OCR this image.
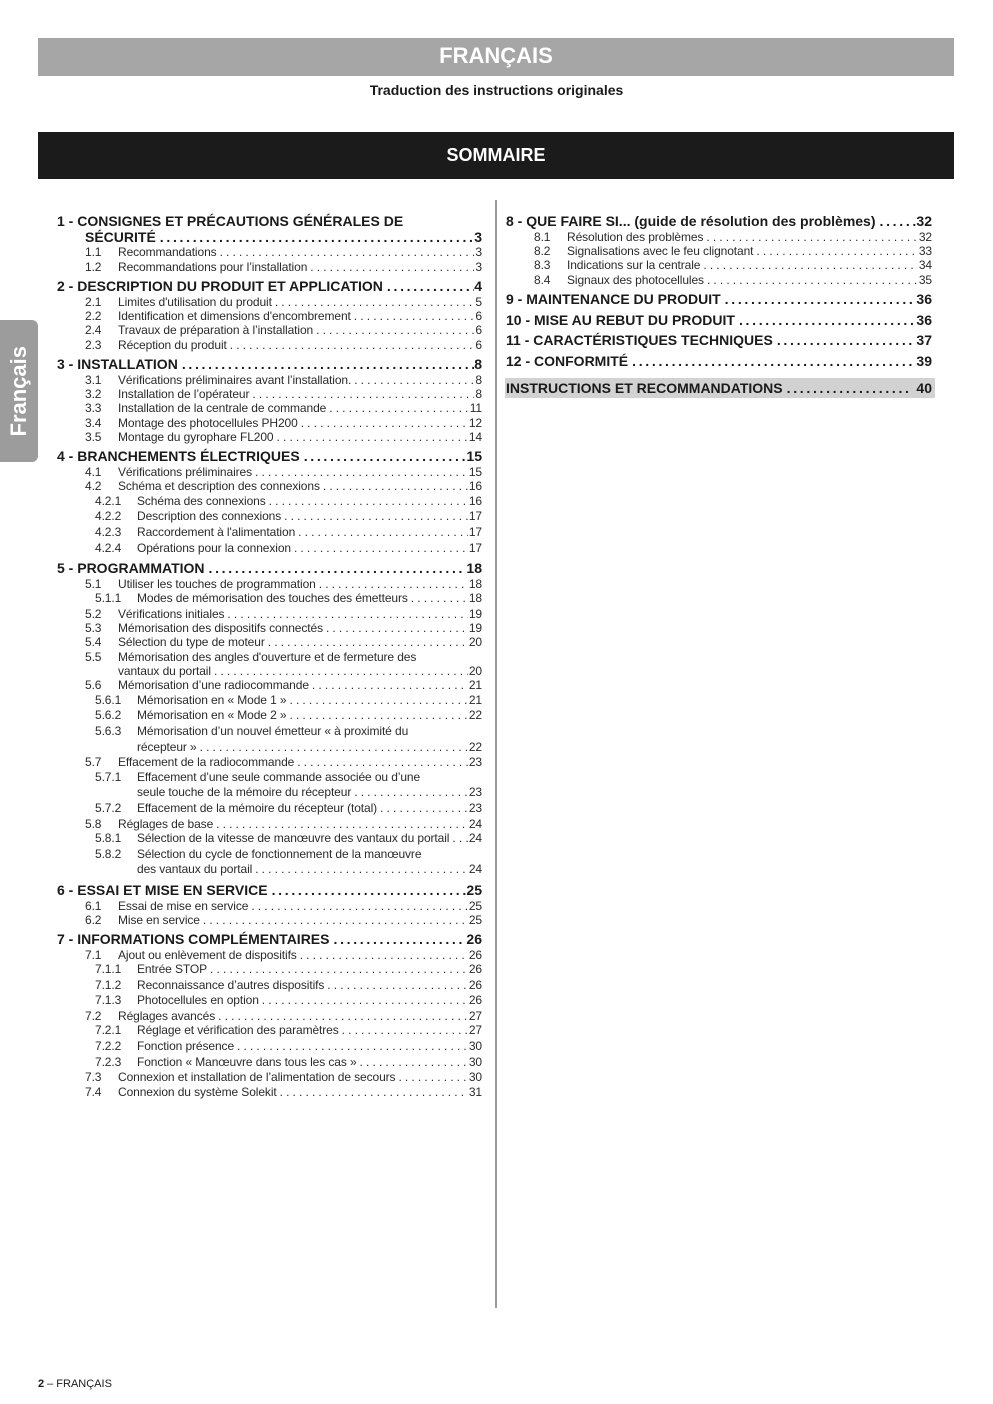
FRANÇAIS
Traduction des instructions originales
SOMMAIRE
Français
1 - CONSIGNES ET PRÉCAUTIONS GÉNÉRALES DE
SÉCURITÉ . . .	3
1.1	Recommandations . . .	3
1.2	Recommandations pour l’installation . . .	3
2 - DESCRIPTION DU PRODUIT ET APPLICATION . . .	4
2.1	Limites d'utilisation du produit . . .	5
2.2	Identification et dimensions d'encombrement . . .	6
2.4	Travaux de préparation à l’installation . . .	6
2.3	Réception du produit . . .	6
3 - INSTALLATION . . .	8
3.1	Vérifications préliminaires avant l’installation. . . .	8
3.2	Installation de l’opérateur . . .	8
3.3	Installation de la centrale de commande . . .	11
3.4	Montage des photocellules PH200 . . .	12
3.5	Montage du gyrophare FL200 . . .	14
4 - BRANCHEMENTS ÉLECTRIQUES . . .	15
4.1	Vérifications préliminaires . . .	15
4.2	Schéma et description des connexions . . .	16
4.2.1	Schéma des connexions . . .	16
4.2.2	Description des connexions . . .	17
4.2.3	Raccordement à l'alimentation . . .	17
4.2.4	Opérations pour la connexion . . .	17
5 - PROGRAMMATION . . .	18
5.1	Utiliser les touches de programmation . . .	18
5.1.1	Modes de mémorisation des touches des émetteurs . . .	18
5.2	Vérifications initiales . . .	19
5.3	Mémorisation des dispositifs connectés . . .	19
5.4	Sélection du type de moteur . . .	20
5.5	Mémorisation des angles d'ouverture et de fermeture des
vantaux du portail . . .	20
5.6	Mémorisation d’une radiocommande . . .	21
5.6.1	Mémorisation en « Mode 1 » . . .	21
5.6.2	Mémorisation en « Mode 2 » . . .	22
5.6.3	Mémorisation d’un nouvel émetteur « à proximité du
récepteur » . . .	22
5.7	Effacement de la radiocommande . . .	23
5.7.1	Effacement d’une seule commande associée ou d’une
seule touche de la mémoire du récepteur . . .	23
5.7.2	Effacement de la mémoire du récepteur (total) . . .	23
5.8	Réglages de base . . .	24
5.8.1	Sélection de la vitesse de manœuvre des vantaux du portail . . . 24
5.8.2	Sélection du cycle de fonctionnement de la manœuvre
des vantaux du portail . . .	24
6 - ESSAI ET MISE EN SERVICE . . .	25
6.1	Essai de mise en service . . .	25
6.2	Mise en service . . .	25
7 - INFORMATIONS COMPLÉMENTAIRES . . .	26
7.1	Ajout ou enlèvement de dispositifs . . .	26
7.1.1	Entrée STOP . . .	26
7.1.2	Reconnaissance d’autres dispositifs . . .	26
7.1.3	Photocellules en option . . .	26
7.2	Réglages avancés . . .	27
7.2.1	Réglage et vérification des paramètres . . .	27
7.2.2	Fonction présence . . .	30
7.2.3	Fonction « Manœuvre dans tous les cas » . . .	30
7.3	Connexion et installation de l’alimentation de secours . . .	30
7.4	Connexion du système Solekit . . .	31
8 - QUE FAIRE SI... (guide de résolution des problèmes) . . .	32
8.1	Résolution des problèmes . . .	32
8.2	Signalisations avec le feu clignotant . . .	33
8.3	Indications sur la centrale . . .	34
8.4	Signaux des photocellules . . .	35
9 - MAINTENANCE DU PRODUIT . . .	36
10 - MISE AU REBUT DU PRODUIT . . .	36
11 - CARACTÉRISTIQUES TECHNIQUES . . .	37
12 - CONFORMITÉ . . .	39
INSTRUCTIONS ET RECOMMANDATIONS . . .	40
2 – FRANÇAIS
